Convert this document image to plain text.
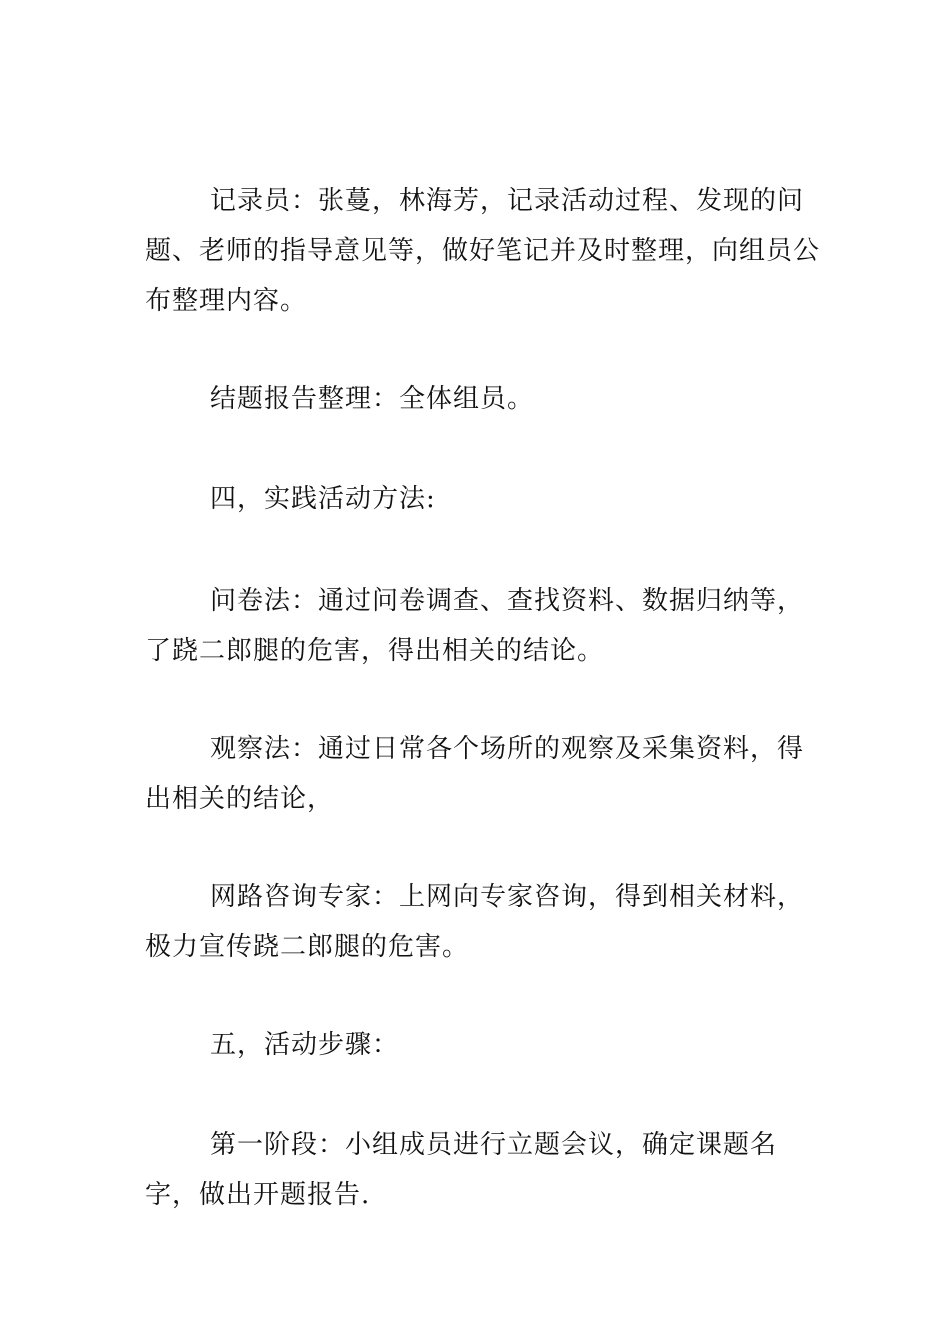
记录员：张蔓，林海芳，记录活动过程、发现的问题、老师的指导意见等，做好笔记并及时整理，向组员公布整理内容。

结题报告整理：全体组员。

四，实践活动方法:

问卷法：通过问卷调查、查找资料、数据归纳等，了跷二郎腿的危害，得出相关的结论。

观察法：通过日常各个场所的观察及采集资料，得出相关的结论，

网路咨询专家：上网向专家咨询，得到相关材料，极力宣传跷二郎腿的危害。

五，活动步骤：

第一阶段：小组成员进行立题会议，确定课题名字，做出开题报告.
